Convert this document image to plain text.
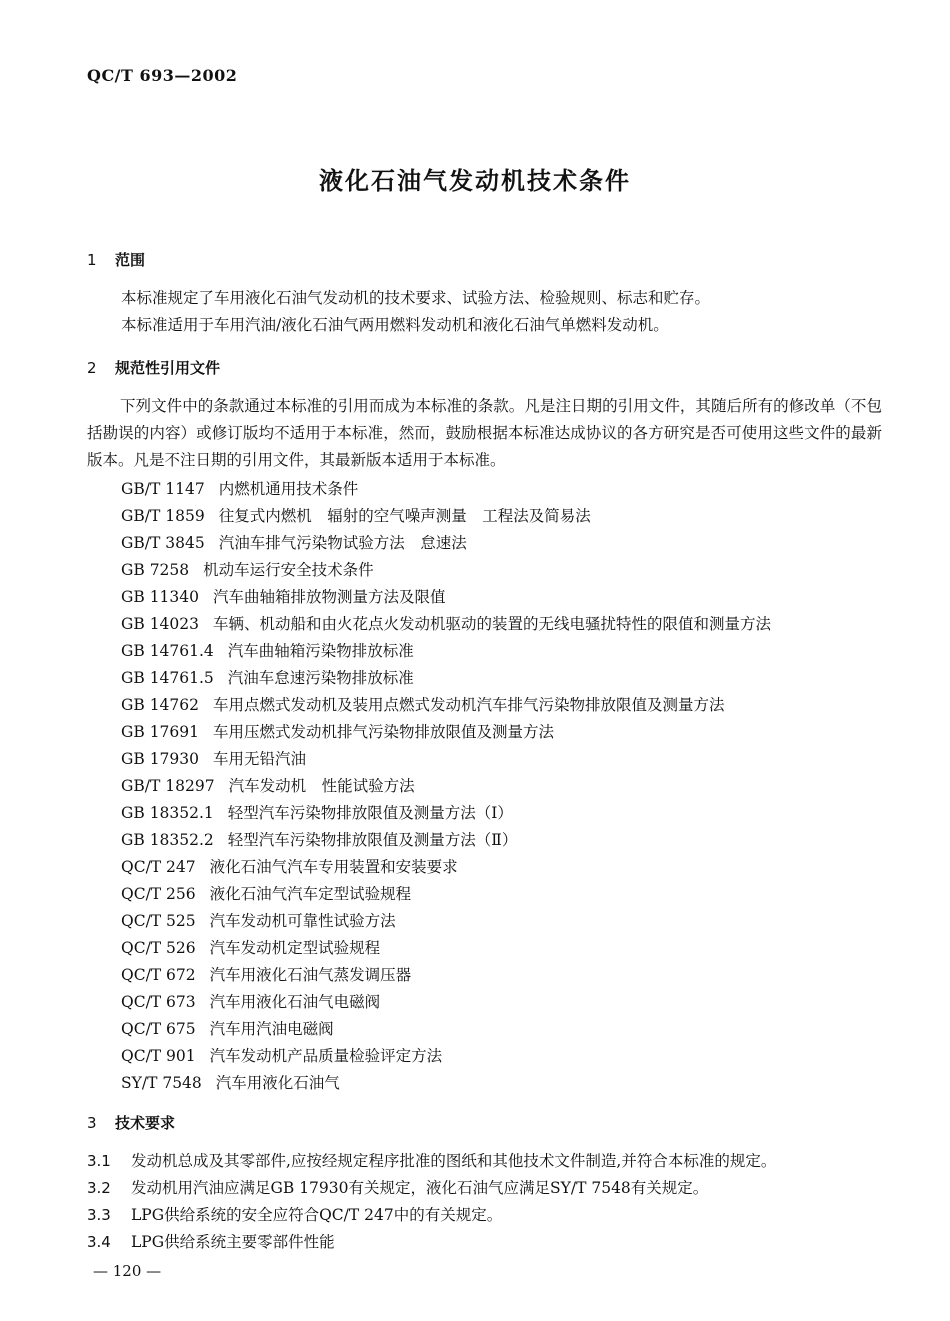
QC/T 693—2002
液化石油气发动机技术条件
1 范围
本标准规定了车用液化石油气发动机的技术要求、试验方法、检验规则、标志和贮存。
本标准适用于车用汽油/液化石油气两用燃料发动机和液化石油气单燃料发动机。
2 规范性引用文件
下列文件中的条款通过本标准的引用而成为本标准的条款。凡是注日期的引用文件，其随后所有的修改单（不包括勘误的内容）或修订版均不适用于本标准，然而，鼓励根据本标准达成协议的各方研究是否可使用这些文件的最新版本。凡是不注日期的引用文件，其最新版本适用于本标准。
GB/T 1147 内燃机通用技术条件
GB/T 1859 往复式内燃机　辐射的空气噪声测量　工程法及简易法
GB/T 3845 汽油车排气污染物试验方法　怠速法
GB 7258 机动车运行安全技术条件
GB 11340 汽车曲轴箱排放物测量方法及限值
GB 14023 车辆、机动船和由火花点火发动机驱动的装置的无线电骚扰特性的限值和测量方法
GB 14761.4 汽车曲轴箱污染物排放标准
GB 14761.5 汽油车怠速污染物排放标准
GB 14762 车用点燃式发动机及装用点燃式发动机汽车排气污染物排放限值及测量方法
GB 17691 车用压燃式发动机排气污染物排放限值及测量方法
GB 17930 车用无铅汽油
GB/T 18297 汽车发动机　性能试验方法
GB 18352.1 轻型汽车污染物排放限值及测量方法（Ⅰ）
GB 18352.2 轻型汽车污染物排放限值及测量方法（Ⅱ）
QC/T 247 液化石油气汽车专用装置和安装要求
QC/T 256 液化石油气汽车定型试验规程
QC/T 525 汽车发动机可靠性试验方法
QC/T 526 汽车发动机定型试验规程
QC/T 672 汽车用液化石油气蒸发调压器
QC/T 673 汽车用液化石油气电磁阀
QC/T 675 汽车用汽油电磁阀
QC/T 901 汽车发动机产品质量检验评定方法
SY/T 7548 汽车用液化石油气
3 技术要求
3.1 发动机总成及其零部件,应按经规定程序批准的图纸和其他技术文件制造,并符合本标准的规定。
3.2 发动机用汽油应满足GB 17930有关规定，液化石油气应满足SY/T 7548有关规定。
3.3 LPG供给系统的安全应符合QC/T 247中的有关规定。
3.4 LPG供给系统主要零部件性能
— 120 —
